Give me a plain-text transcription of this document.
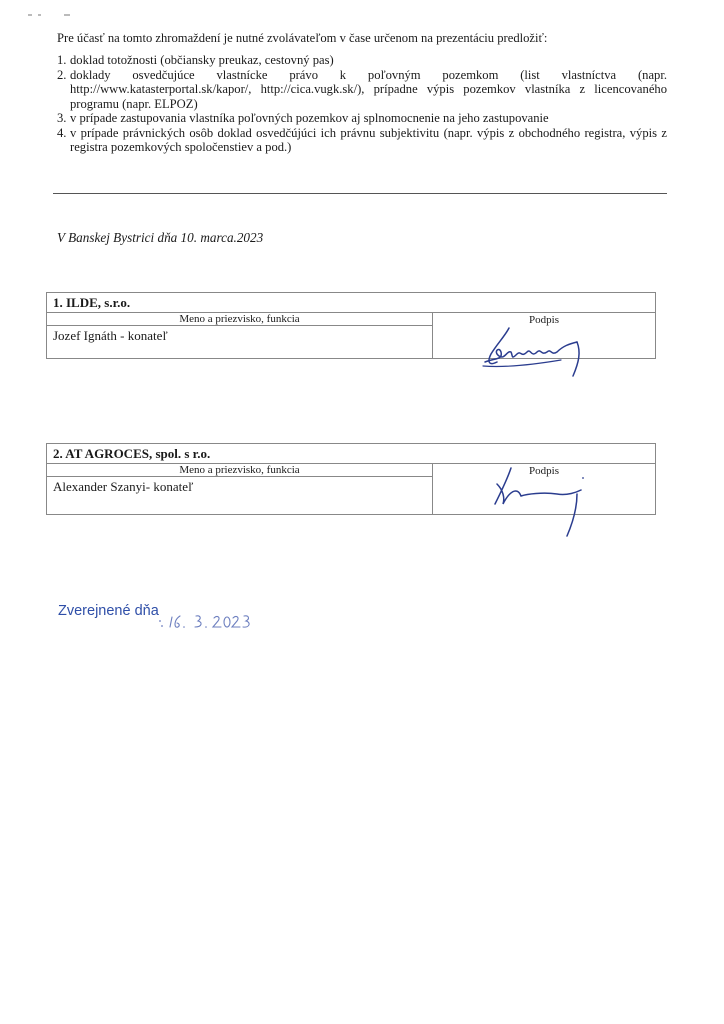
Pre účasť na tomto zhromaždení je nutné zvolávateľom v čase určenom na prezentáciu predložiť:

1. doklad totožnosti (občiansky preukaz, cestovný pas)
2. doklady osvedčujúce vlastnícke právo k poľovným pozemkom (list vlastníctva (napr. http://www.katasterportal.sk/kapor/, http://cica.vugk.sk/), prípadne výpis pozemkov vlastníka z licencovaného programu (napr. ELPOZ)
3. v prípade zastupovania vlastníka poľovných pozemkov aj splnomocnenie na jeho zastupovanie
4. v prípade právnických osôb doklad osvedčújúci ich právnu subjektivitu (napr. výpis z obchodného registra, výpis z registra pozemkových spoločenstiev a pod.)

V Banskej Bystrici dňa 10. marca.2023

1. ILDE, s.r.o.
Meno a priezvisko, funkcia
Jozef Ignáth - konateľ
Podpis
2. AT AGROCES, spol. s r.o.
Meno a priezvisko, funkcia
Alexander Szanyi- konateľ
Podpis
Zverejnené dňa
